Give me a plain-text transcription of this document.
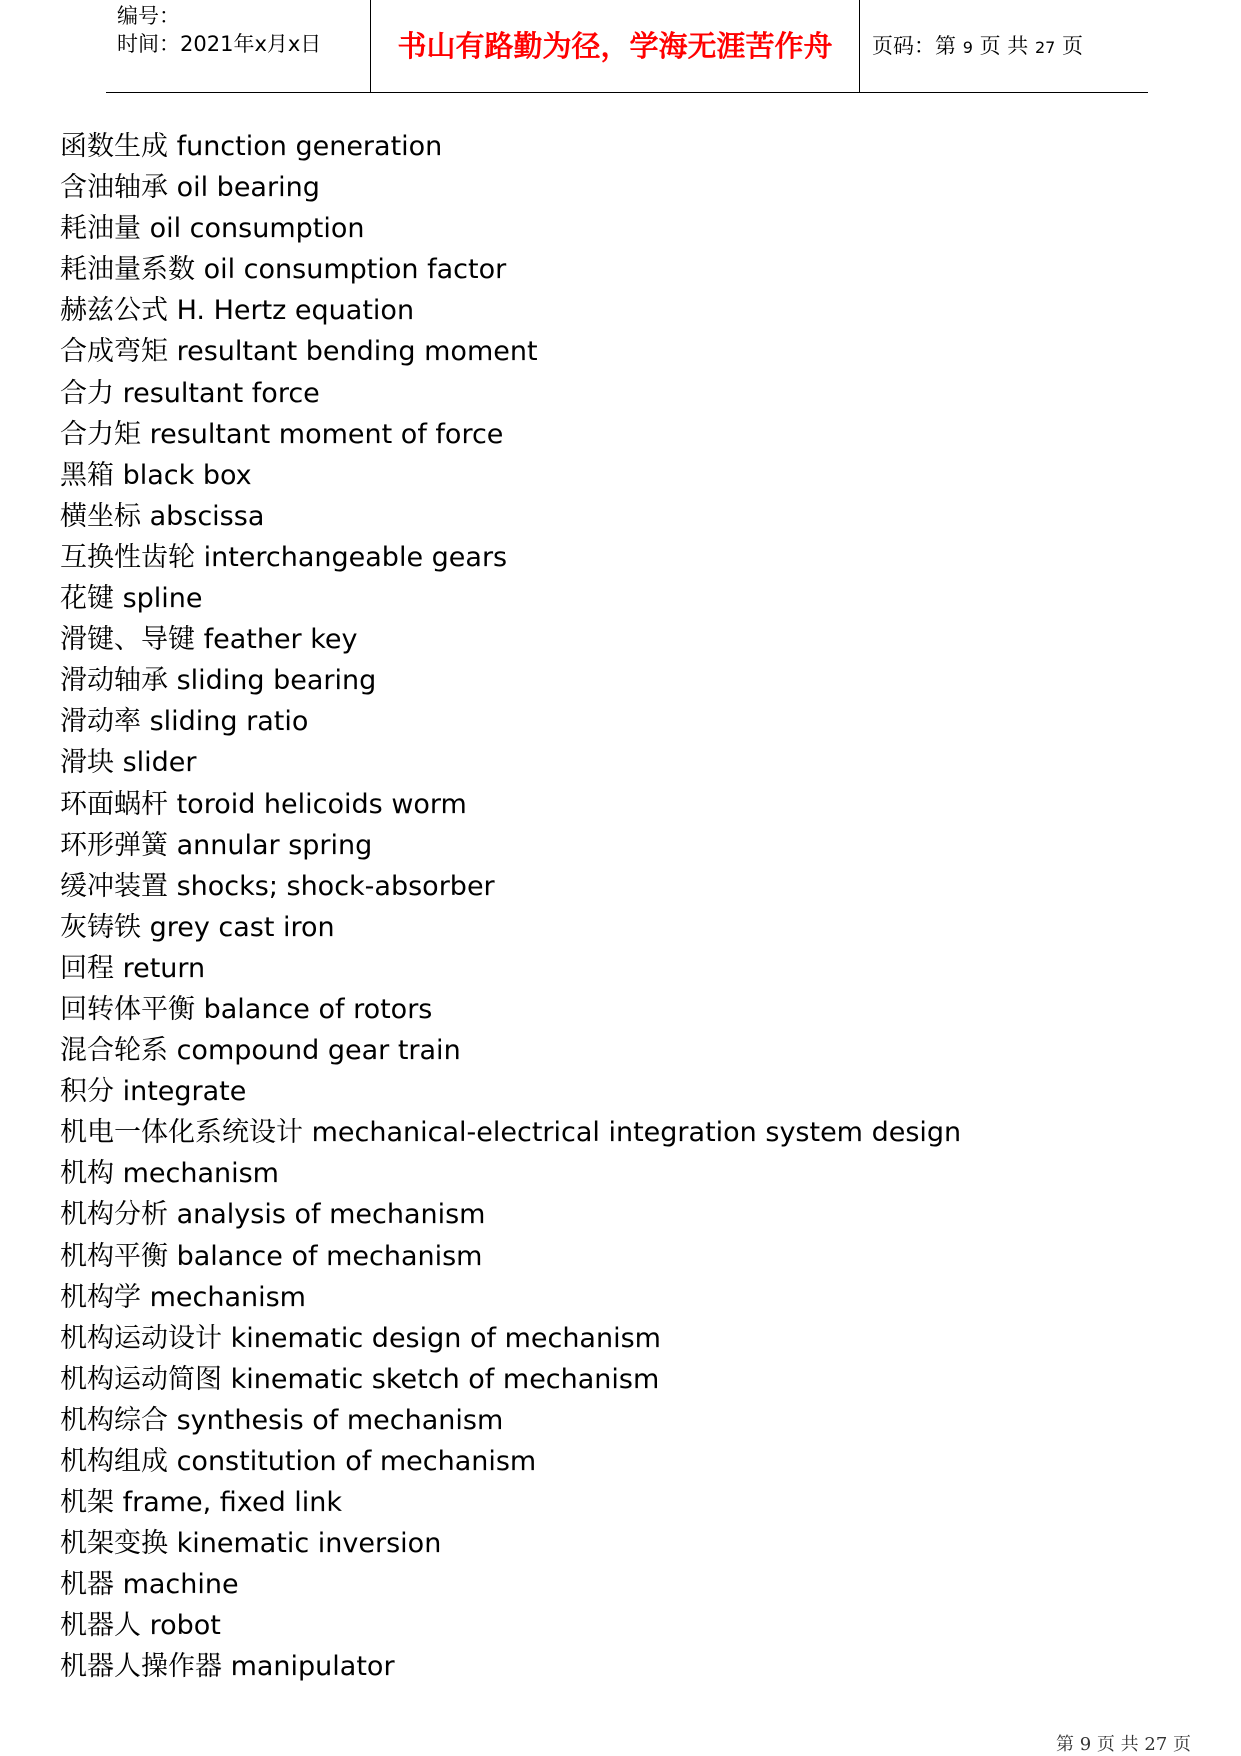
编号：
时间：2021年x月x日	书山有路勤为径，学海无涯苦作舟	页码：第 9 页 共 27 页
函数生成 function generation
含油轴承 oil bearing
耗油量 oil consumption
耗油量系数 oil consumption factor
赫兹公式 H. Hertz equation
合成弯矩 resultant bending moment
合力 resultant force
合力矩 resultant moment of force
黑箱 black box
横坐标 abscissa
互换性齿轮 interchangeable gears
花键 spline
滑键、导键 feather key
滑动轴承 sliding bearing
滑动率 sliding ratio
滑块 slider
环面蜗杆 toroid helicoids worm
环形弹簧 annular spring
缓冲装置 shocks; shock-absorber
灰铸铁 grey cast iron
回程 return
回转体平衡 balance of rotors
混合轮系 compound gear train
积分 integrate
机电一体化系统设计 mechanical-electrical integration system design
机构 mechanism
机构分析 analysis of mechanism
机构平衡 balance of mechanism
机构学 mechanism
机构运动设计 kinematic design of mechanism
机构运动简图 kinematic sketch of mechanism
机构综合 synthesis of mechanism
机构组成 constitution of mechanism
机架 frame, fixed link
机架变换 kinematic inversion
机器 machine
机器人 robot
机器人操作器 manipulator
第 9 页 共 27 页
